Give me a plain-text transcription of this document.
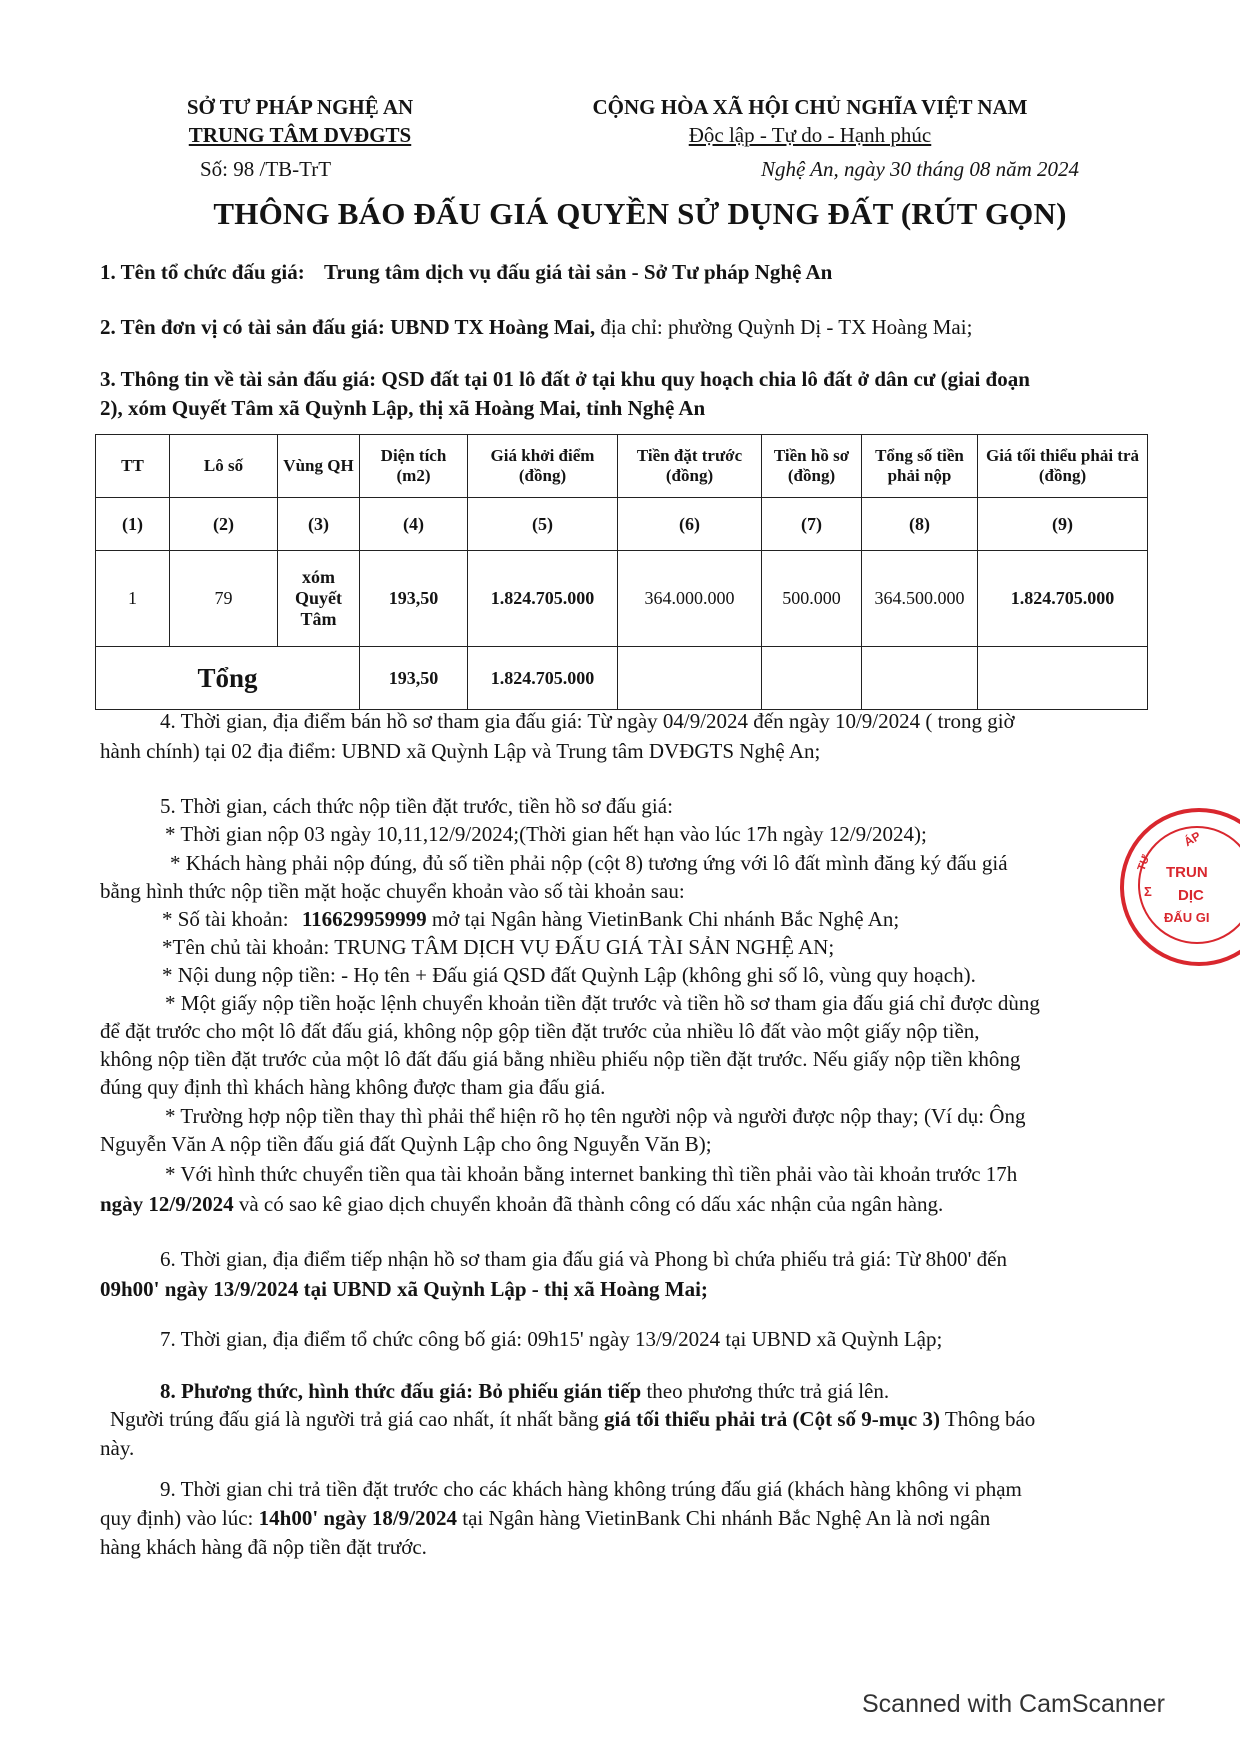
SỞ TƯ PHÁP NGHỆ AN
TRUNG TÂM DVĐGTS
Số: 98 /TB-TrT
CỘNG HÒA XÃ HỘI CHỦ NGHĨA VIỆT NAM
Độc lập - Tự do - Hạnh phúc
Nghệ An, ngày 30 tháng 08 năm 2024
THÔNG BÁO ĐẤU GIÁ QUYỀN SỬ DỤNG ĐẤT (RÚT GỌN)
1. Tên tổ chức đấu giá: Trung tâm dịch vụ đấu giá tài sản - Sở Tư pháp Nghệ An
2. Tên đơn vị có tài sản đấu giá: UBND TX Hoàng Mai, địa chỉ: phường Quỳnh Dị - TX Hoàng Mai;
3. Thông tin về tài sản đấu giá: QSD đất tại 01 lô đất ở tại khu quy hoạch chia lô đất ở dân cư (giai đoạn
2), xóm Quyết Tâm xã Quỳnh Lập, thị xã Hoàng Mai, tỉnh Nghệ An
TT	Lô số	Vùng QH	Diện tích (m2)	Giá khởi điểm (đồng)	Tiền đặt trước (đồng)	Tiền hồ sơ (đồng)	Tổng số tiền phải nộp	Giá tối thiểu phải trả (đồng)
(1)	(2)	(3)	(4)	(5)	(6)	(7)	(8)	(9)
1	79	xóm Quyết Tâm	193,50	1.824.705.000	364.000.000	500.000	364.500.000	1.824.705.000
Tổng			193,50	1.824.705.000				
4. Thời gian, địa điểm bán hồ sơ tham gia đấu giá: Từ ngày 04/9/2024 đến ngày 10/9/2024 ( trong giờ
hành chính) tại 02 địa điểm: UBND xã Quỳnh Lập và Trung tâm DVĐGTS Nghệ An;
5. Thời gian, cách thức nộp tiền đặt trước, tiền hồ sơ đấu giá:
* Thời gian nộp 03 ngày 10,11,12/9/2024;(Thời gian hết hạn vào lúc 17h ngày 12/9/2024);
* Khách hàng phải nộp đúng, đủ số tiền phải nộp (cột 8) tương ứng với lô đất mình đăng ký đấu giá
bằng hình thức nộp tiền mặt hoặc chuyển khoản vào số tài khoản sau:
* Số tài khoản: 116629959999 mở tại Ngân hàng VietinBank Chi nhánh Bắc Nghệ An;
*Tên chủ tài khoản: TRUNG TÂM DỊCH VỤ ĐẤU GIÁ TÀI SẢN NGHỆ AN;
* Nội dung nộp tiền: - Họ tên + Đấu giá QSD đất Quỳnh Lập (không ghi số lô, vùng quy hoạch).
* Một giấy nộp tiền hoặc lệnh chuyển khoản tiền đặt trước và tiền hồ sơ tham gia đấu giá chỉ được dùng
để đặt trước cho một lô đất đấu giá, không nộp gộp tiền đặt trước của nhiều lô đất vào một giấy nộp tiền,
không nộp tiền đặt trước của một lô đất đấu giá bằng nhiều phiếu nộp tiền đặt trước. Nếu giấy nộp tiền không
đúng quy định thì khách hàng không được tham gia đấu giá.
* Trường hợp nộp tiền thay thì phải thể hiện rõ họ tên người nộp và người được nộp thay; (Ví dụ: Ông
Nguyễn Văn A nộp tiền đấu giá đất Quỳnh Lập cho ông Nguyễn Văn B);
* Với hình thức chuyển tiền qua tài khoản bằng internet banking thì tiền phải vào tài khoản trước 17h
ngày 12/9/2024 và có sao kê giao dịch chuyển khoản đã thành công có dấu xác nhận của ngân hàng.
6. Thời gian, địa điểm tiếp nhận hồ sơ tham gia đấu giá và Phong bì chứa phiếu trả giá: Từ 8h00' đến
09h00' ngày 13/9/2024 tại UBND xã Quỳnh Lập - thị xã Hoàng Mai;
7. Thời gian, địa điểm tổ chức công bố giá: 09h15' ngày 13/9/2024 tại UBND xã Quỳnh Lập;
8. Phương thức, hình thức đấu giá: Bỏ phiếu gián tiếp theo phương thức trả giá lên.
Người trúng đấu giá là người trả giá cao nhất, ít nhất bằng giá tối thiểu phải trả (Cột số 9-mục 3) Thông báo
này.
9. Thời gian chi trả tiền đặt trước cho các khách hàng không trúng đấu giá (khách hàng không vi phạm
quy định) vào lúc: 14h00' ngày 18/9/2024 tại Ngân hàng VietinBank Chi nhánh Bắc Nghệ An là nơi ngân
hàng khách hàng đã nộp tiền đặt trước.
ÁP
TRUN
DỊC
ĐẤU GI
Σ
TƯ
Scanned with CamScanner
